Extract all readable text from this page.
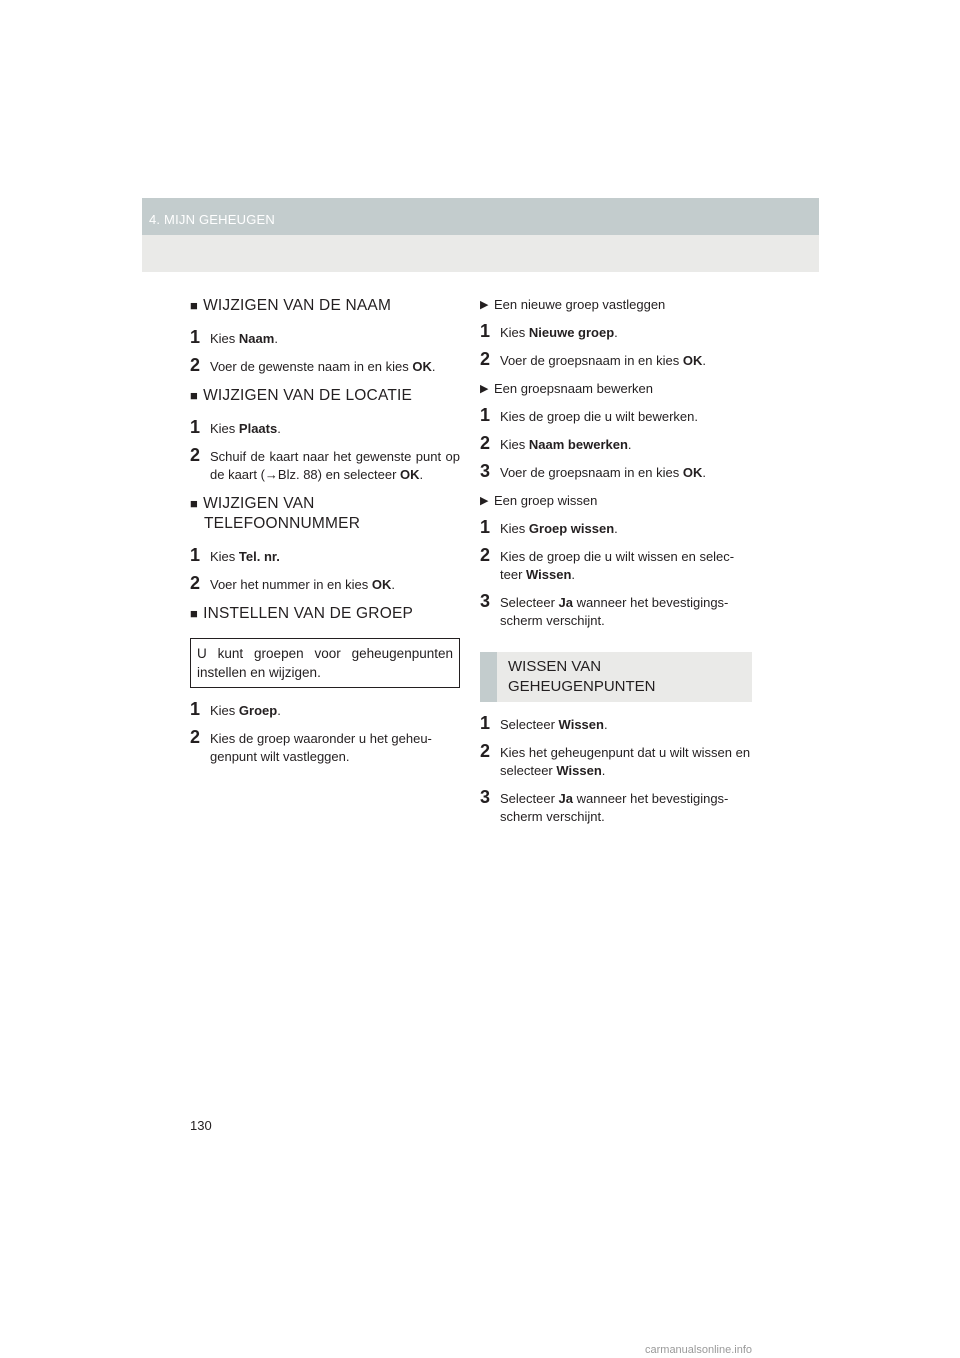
4. MIJN GEHEUGEN
■ WIJZIGEN VAN DE NAAM
1 Kies Naam.
2 Voer de gewenste naam in en kies OK.
■ WIJZIGEN VAN DE LOCATIE
1 Kies Plaats.
2 Schuif de kaart naar het gewenste punt op de kaart (→Blz. 88) en selecteer OK.
■ WIJZIGEN VAN
TELEFOONNUMMER
1 Kies Tel. nr.
2 Voer het nummer in en kies OK.
■ INSTELLEN VAN DE GROEP
U kunt groepen voor geheugenpunten instellen en wijzigen.
1 Kies Groep.
2 Kies de groep waaronder u het geheu-genpunt wilt vastleggen.
▶ Een nieuwe groep vastleggen
1 Kies Nieuwe groep.
2 Voer de groepsnaam in en kies OK.
▶ Een groepsnaam bewerken
1 Kies de groep die u wilt bewerken.
2 Kies Naam bewerken.
3 Voer de groepsnaam in en kies OK.
▶ Een groep wissen
1 Kies Groep wissen.
2 Kies de groep die u wilt wissen en selec-teer Wissen.
3 Selecteer Ja wanneer het bevestigings-scherm verschijnt.
WISSEN VAN
GEHEUGENPUNTEN
1 Selecteer Wissen.
2 Kies het geheugenpunt dat u wilt wissen en selecteer Wissen.
3 Selecteer Ja wanneer het bevestigings-scherm verschijnt.
130
carmanualsonline.info
